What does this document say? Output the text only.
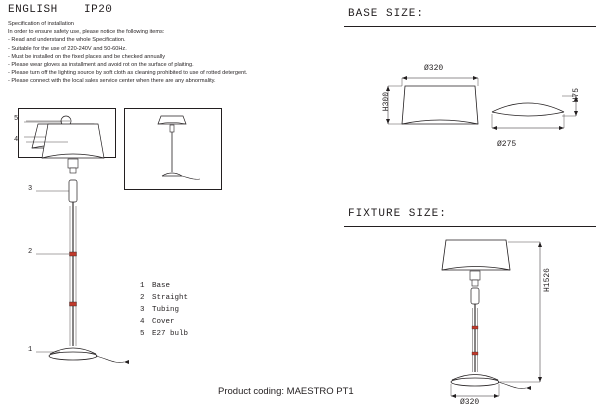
ENGLISH IP20
Specification of installation
In order to ensure safety use, please notice the following items:
- Read and understand the whole Specification.
- Suitable for the use of 220-240V and 50-60Hz.
- Must be installed on the fixed places and be checked annually
- Please wear gloves as installment and avoid rot on the surface of plaiting.
- Please turn off the lighting source by soft cloth as cleaning prohibited to use of rotted detergent.
- Please connect with the local sales service center when there are any abnormality.
BASE SIZE:
FIXTURE SIZE:
5
4
3
2
1
1 Base
2 Straight
3 Tubing
4 Cover
5 E27 bulb
Product coding: MAESTRO PT1
Ø320
H300
Ø275
H75
H1526
Ø320
